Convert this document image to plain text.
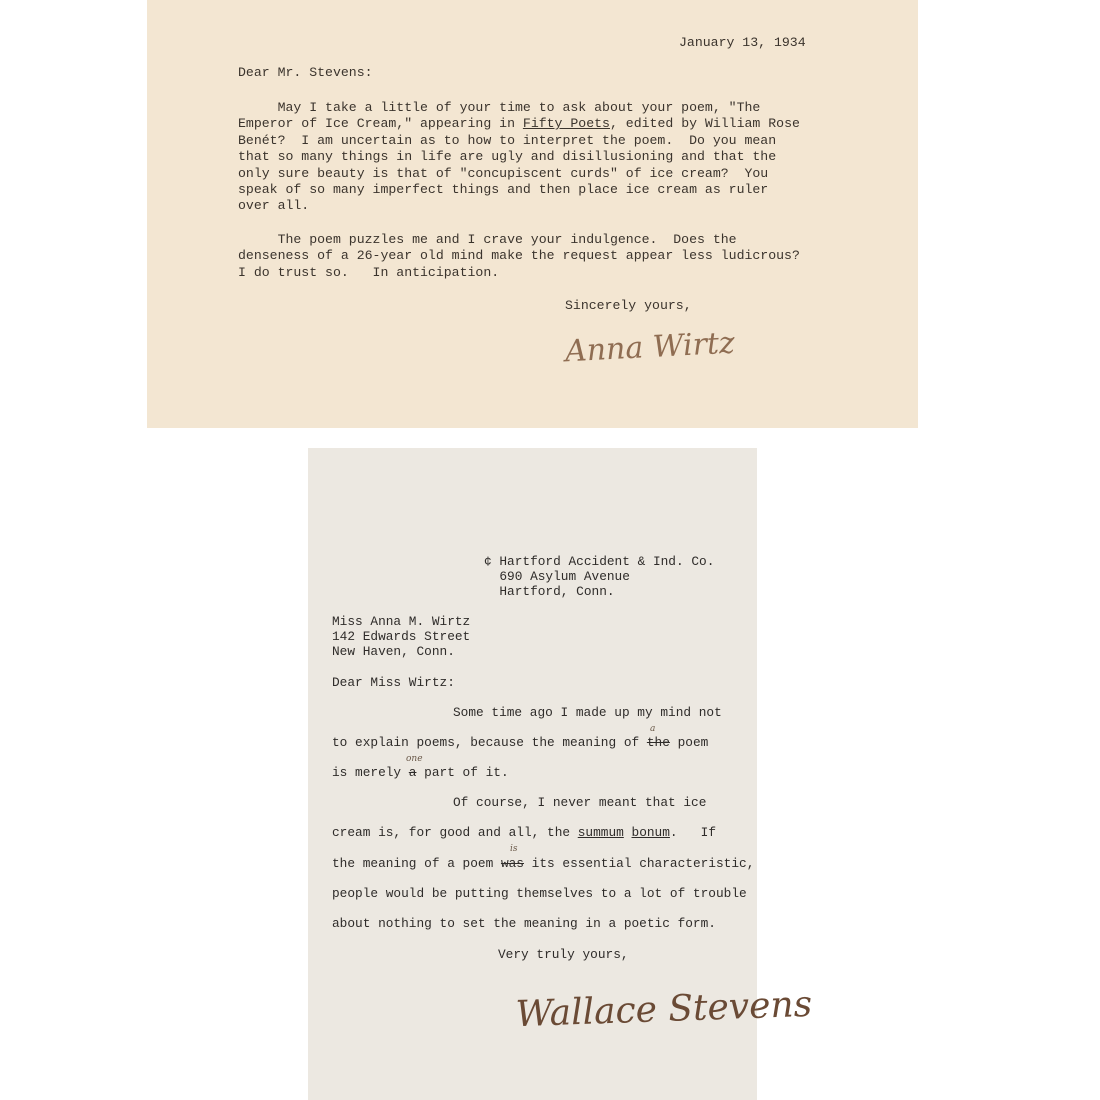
January 13, 1934

Dear Mr. Stevens:

May I take a little of your time to ask about your poem, "The

Emperor of Ice Cream," appearing in Fifty Poets, edited by William Rose

Benét?  I am uncertain as to how to interpret the poem.  Do you mean

that so many things in life are ugly and disillusioning and that the

only sure beauty is that of "concupiscent curds" of ice cream?  You

speak of so many imperfect things and then place ice cream as ruler

over all.

The poem puzzles me and I crave your indulgence.  Does the

denseness of a 26-year old mind make the request appear less ludicrous?

I do trust so.   In anticipation.

Sincerely yours,

Anna Wirtz

¢ Hartford Accident & Ind. Co.

690 Asylum Avenue

Hartford, Conn.

Miss Anna M. Wirtz

142 Edwards Street

New Haven, Conn.

Dear Miss Wirtz:

Some time ago I made up my mind not

to explain poems, because the meaning of the poem

a

is merely a part of it.

one

Of course, I never meant that ice

cream is, for good and all, the summum bonum.   If

the meaning of a poem was its essential characteristic,

is

people would be putting themselves to a lot of trouble

about nothing to set the meaning in a poetic form.

Very truly yours,

Wallace Stevens
